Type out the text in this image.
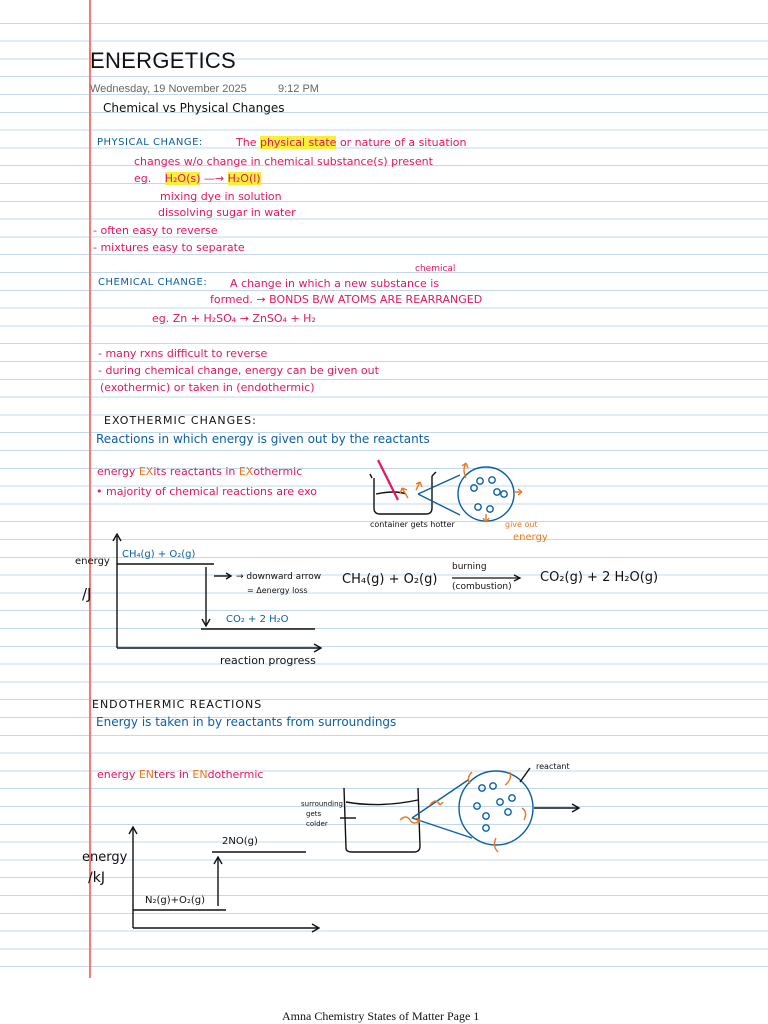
ENERGETICS
Wednesday, 19 November 2025	9:12 PM
Chemical vs Physical Changes
PHYSICAL CHANGE:	The physical state or nature of a situation
changes w/o change in chemical substance(s) present
eg. H₂O(s) —→ H₂O(l)
mixing dye in solution
dissolving sugar in water
- often easy to reverse
- mixtures easy to separate
chemical
CHEMICAL CHANGE: A change in which a new substance is
formed. → BONDS B/W ATOMS ARE REARRANGED
eg. Zn + H₂SO₄ → ZnSO₄ + H₂
- many rxns difficult to reverse
- during chemical change, energy can be given out
(exothermic) or taken in (endothermic)
EXOTHERMIC CHANGES:
Reactions in which energy is given out by the reactants
energy EXits reactants in EXothermic
• majority of chemical reactions are exo
container gets hotter	give out
energy
energy
/J
CH₄(g) + O₂(g)
→ downward arrow
= Δenergy loss
CO₂ + 2 H₂O
reaction progress
CH₄(g) + O₂(g)
burning
(combustion)
CO₂(g) + 2 H₂O(g)
ENDOTHERMIC REACTIONS
Energy is taken in by reactants from surroundings
energy ENters in ENdothermic
reactant
surrounding
gets
colder
energy
/kJ
2NO(g)
N₂(g)+O₂(g)
Amna Chemistry States of Matter Page 1
